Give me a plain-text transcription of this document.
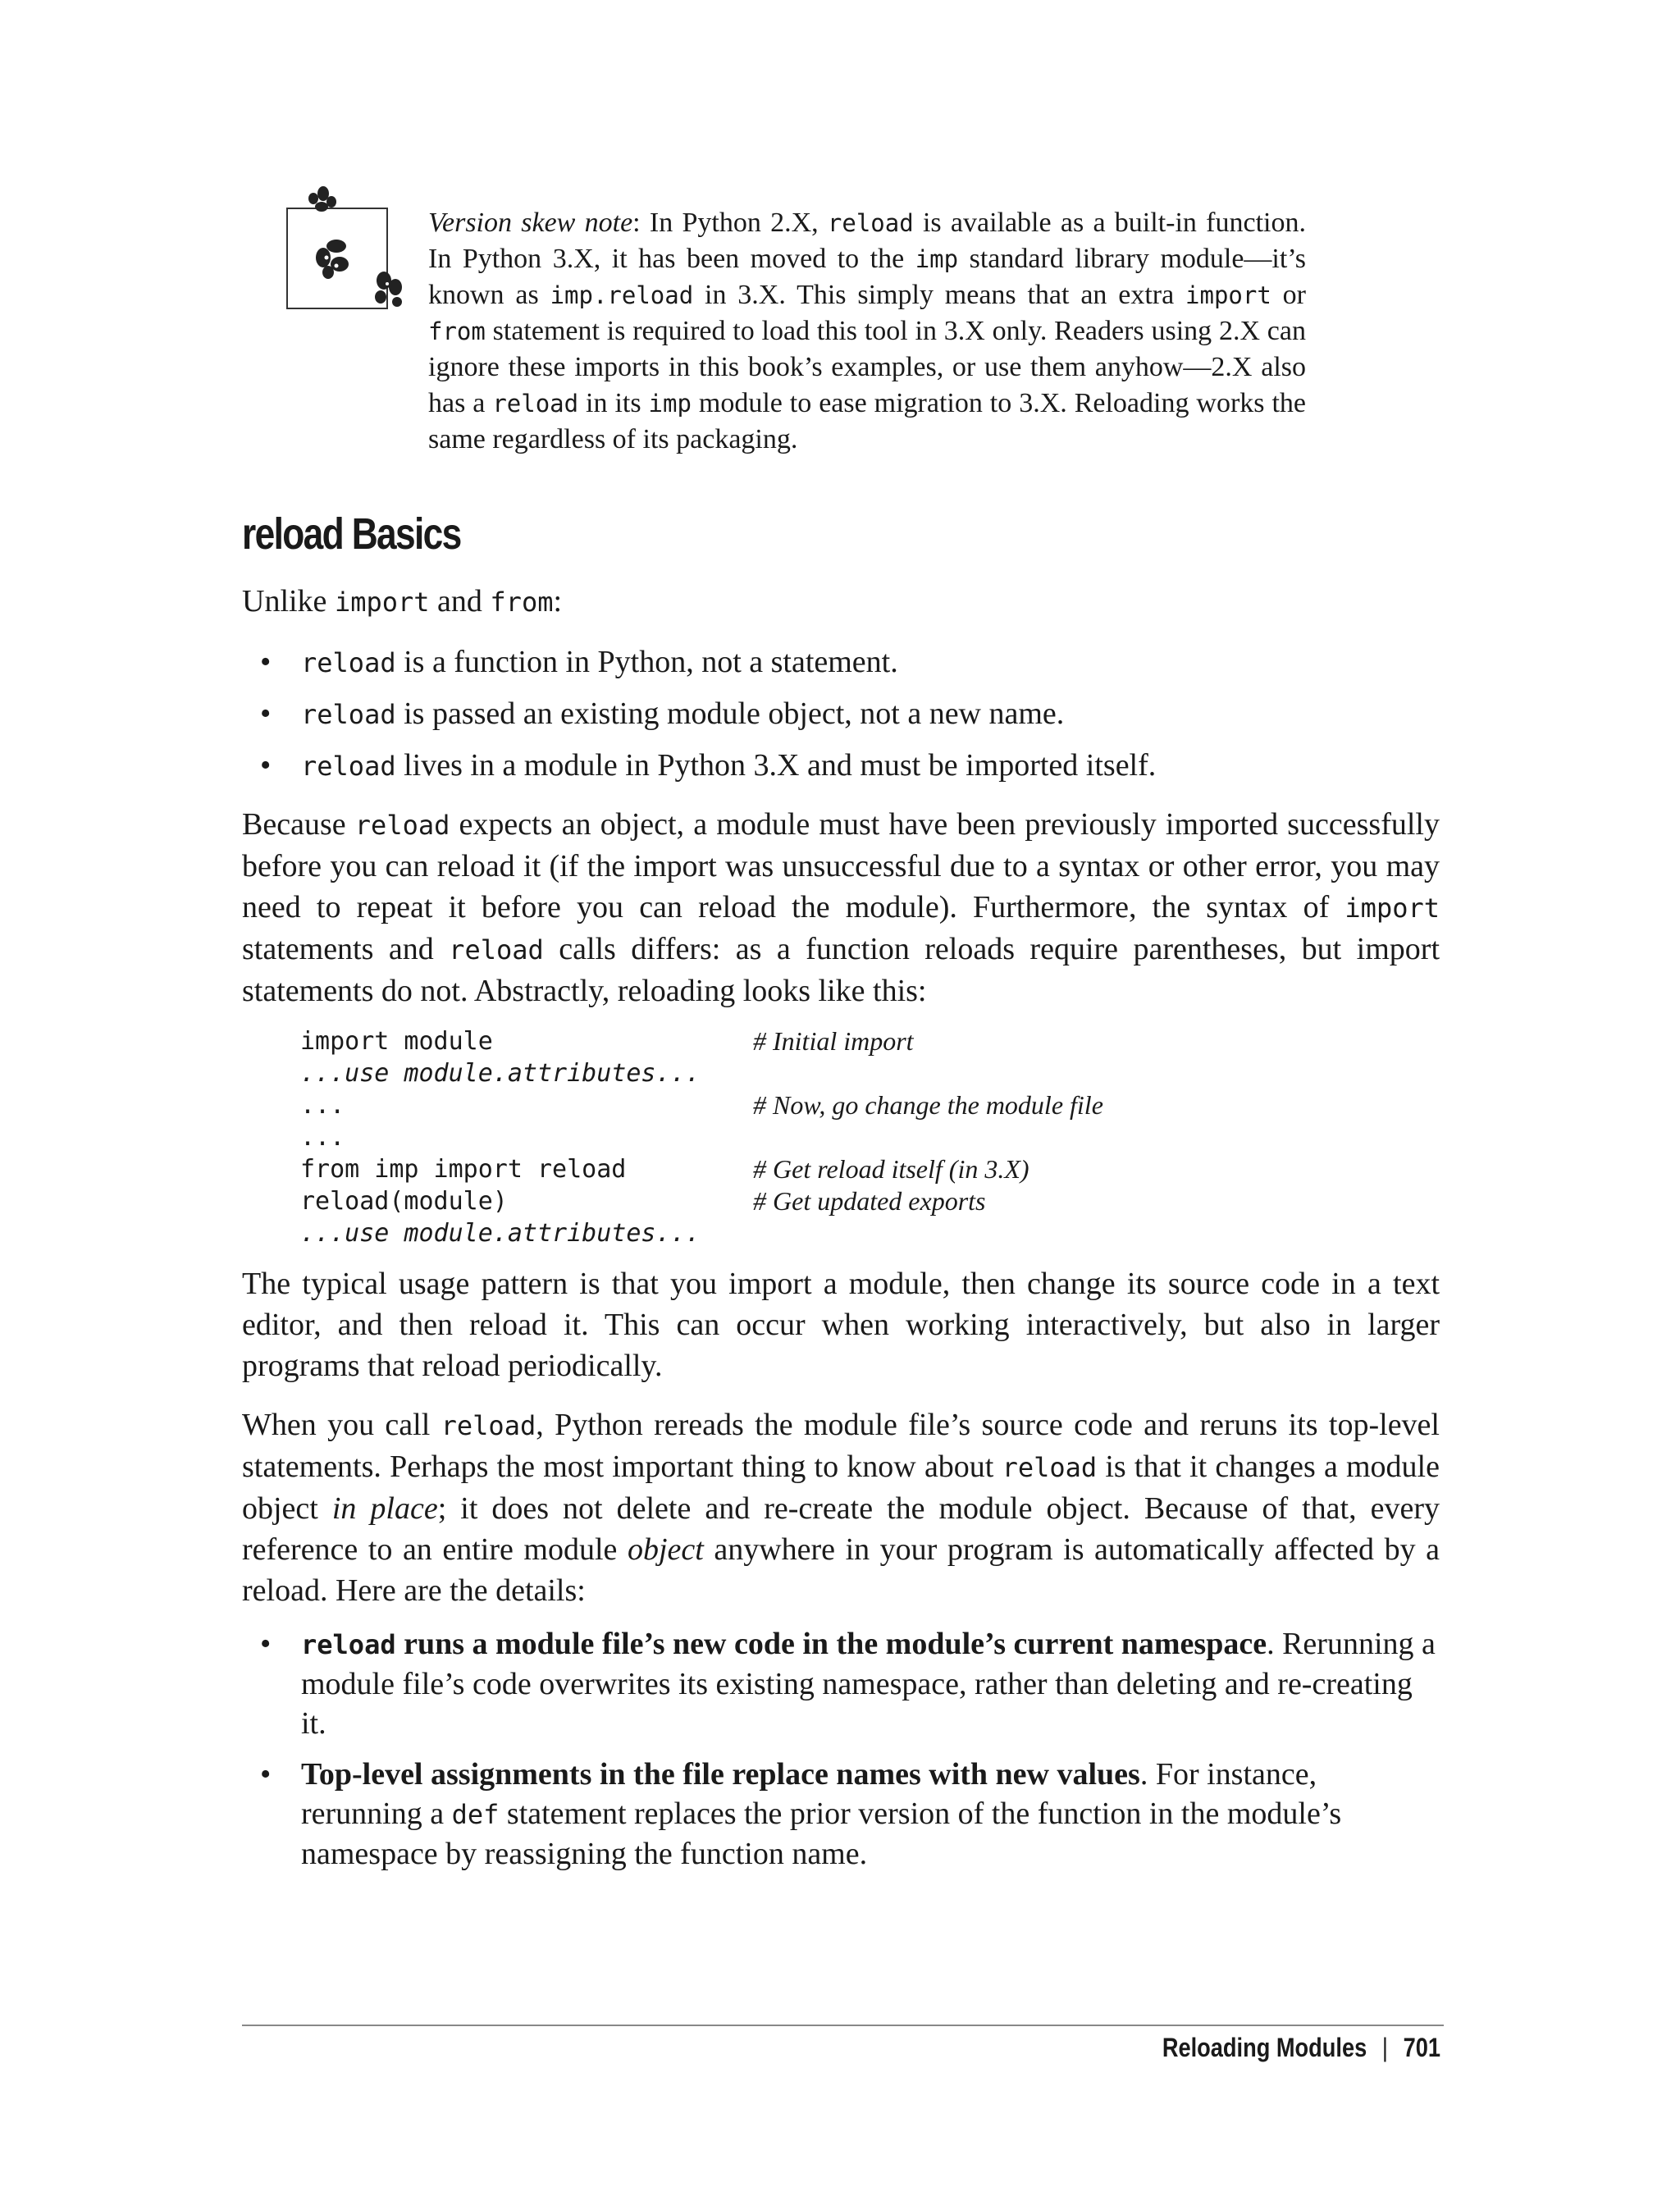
Version skew note: In Python 2.X, reload is available as a built-in function. In Python 3.X, it has been moved to the imp standard library module—it’s known as imp.reload in 3.X. This simply means that an extra import or from statement is required to load this tool in 3.X only. Readers using 2.X can ignore these imports in this book’s examples, or use them anyhow—2.X also has a reload in its imp module to ease migration to 3.X. Reloading works the same regardless of its packaging.
reload Basics
Unlike import and from:
• reload is a function in Python, not a statement.
• reload is passed an existing module object, not a new name.
• reload lives in a module in Python 3.X and must be imported itself.
Because reload expects an object, a module must have been previously imported successfully before you can reload it (if the import was unsuccessful due to a syntax or other error, you may need to repeat it before you can reload the module). Furthermore, the syntax of import statements and reload calls differs: as a function reloads require parentheses, but import statements do not. Abstractly, reloading looks like this:
import module	# Initial import
...use module.attributes...
...	# Now, go change the module file
...
from imp import reload	# Get reload itself (in 3.X)
reload(module)	# Get updated exports
...use module.attributes...
The typical usage pattern is that you import a module, then change its source code in a text editor, and then reload it. This can occur when working interactively, but also in larger programs that reload periodically.
When you call reload, Python rereads the module file’s source code and reruns its top-level statements. Perhaps the most important thing to know about reload is that it changes a module object in place; it does not delete and re-create the module object. Because of that, every reference to an entire module object anywhere in your program is automatically affected by a reload. Here are the details:
• reload runs a module file’s new code in the module’s current namespace. Rerunning a module file’s code overwrites its existing namespace, rather than deleting and re-creating it.
• Top-level assignments in the file replace names with new values. For instance, rerunning a def statement replaces the prior version of the function in the module’s namespace by reassigning the function name.
Reloading Modules | 701
